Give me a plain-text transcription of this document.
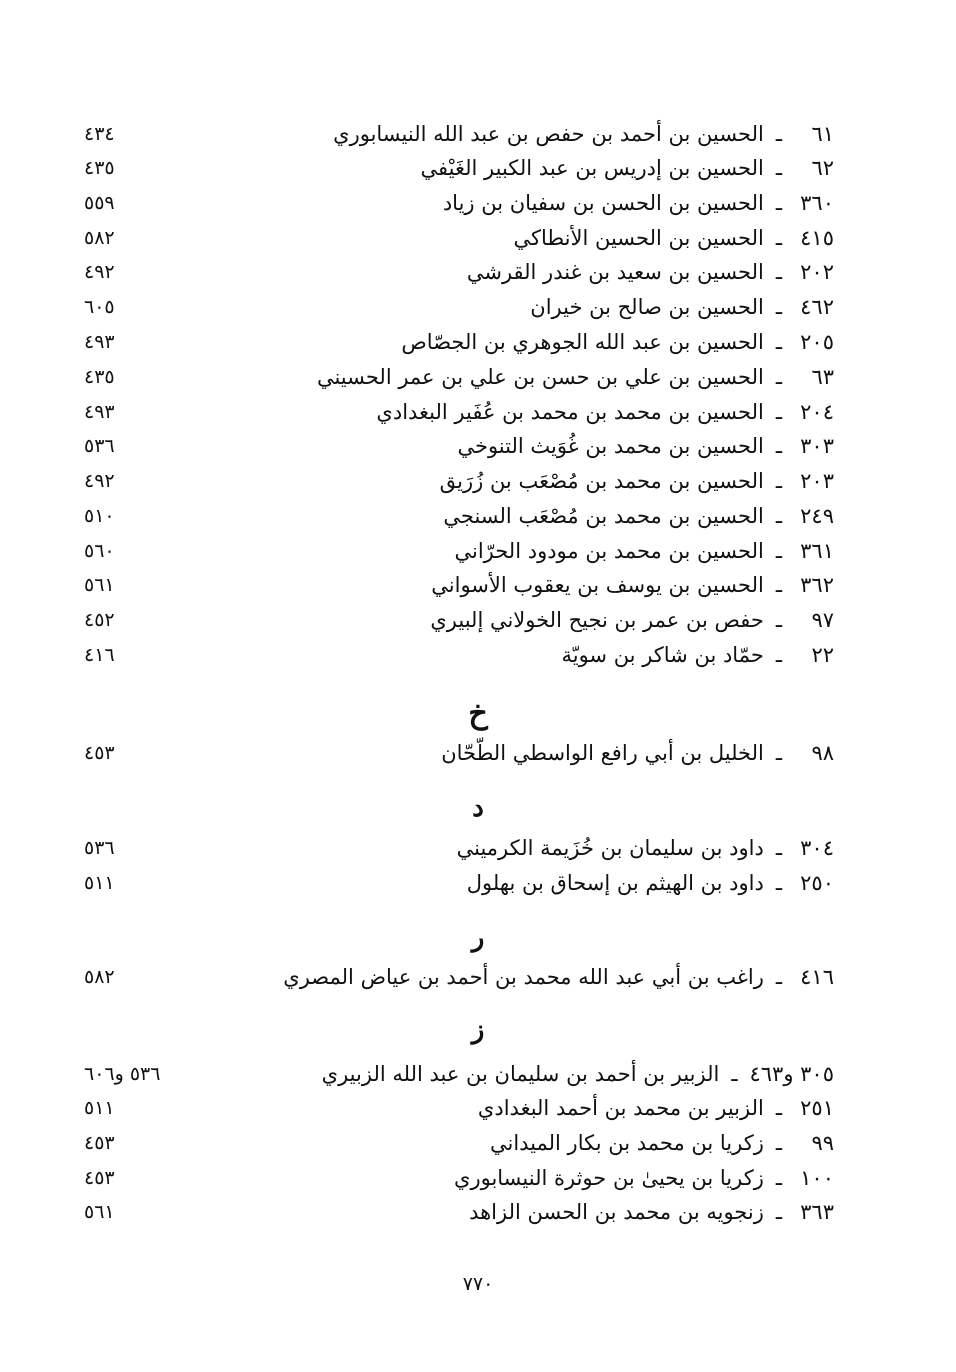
٦١ـالحسين بن أحمد بن حفص بن عبد الله النيسابوري
٤٣٤
٦٢ـالحسين بن إدريس بن عبد الكبير الغَيْفي
٤٣٥
٣٦٠ـالحسين بن الحسن بن سفيان بن زياد
٥٥٩
٤١٥ـالحسين بن الحسين الأنطاكي
٥٨٢
٢٠٢ـالحسين بن سعيد بن غندر القرشي
٤٩٢
٤٦٢ـالحسين بن صالح بن خيران
٦٠٥
٢٠٥ـالحسين بن عبد الله الجوهري بن الجصّاص
٤٩٣
٦٣ـالحسين بن علي بن حسن بن علي بن عمر الحسيني
٤٣٥
٢٠٤ـالحسين بن محمد بن محمد بن عُفَير البغدادي
٤٩٣
٣٠٣ـالحسين بن محمد بن غُوَيث التنوخي
٥٣٦
٢٠٣ـالحسين بن محمد بن مُصْعَب بن زُرَيق
٤٩٢
٢٤٩ـالحسين بن محمد بن مُصْعَب السنجي
٥١٠
٣٦١ـالحسين بن محمد بن مودود الحرّاني
٥٦٠
٣٦٢ـالحسين بن يوسف بن يعقوب الأسواني
٥٦١
٩٧ـحفص بن عمر بن نجيح الخولاني إلبيري
٤٥٢
٢٢ـحمّاد بن شاكر بن سويّة
٤١٦
خ
٩٨ـالخليل بن أبي رافع الواسطي الطّحّان
٤٥٣
د
٣٠٤ـداود بن سليمان بن خُزَيمة الكرميني
٥٣٦
٢٥٠ـداود بن الهيثم بن إسحاق بن بهلول
٥١١
ر
٤١٦ـراغب بن أبي عبد الله محمد بن أحمد بن عياض المصري
٥٨٢
ز
٣٠٥ و٤٦٣ـالزبير بن أحمد بن سليمان بن عبد الله الزبيري
٥٣٦ و٦٠٦
٢٥١ـالزبير بن محمد بن أحمد البغدادي
٥١١
٩٩ـزكريا بن محمد بن بكار الميداني
٤٥٣
١٠٠ـزكريا بن يحيىٰ بن حوثرة النيسابوري
٤٥٣
٣٦٣ـزنجويه بن محمد بن الحسن الزاهد
٥٦١
٧٧٠
